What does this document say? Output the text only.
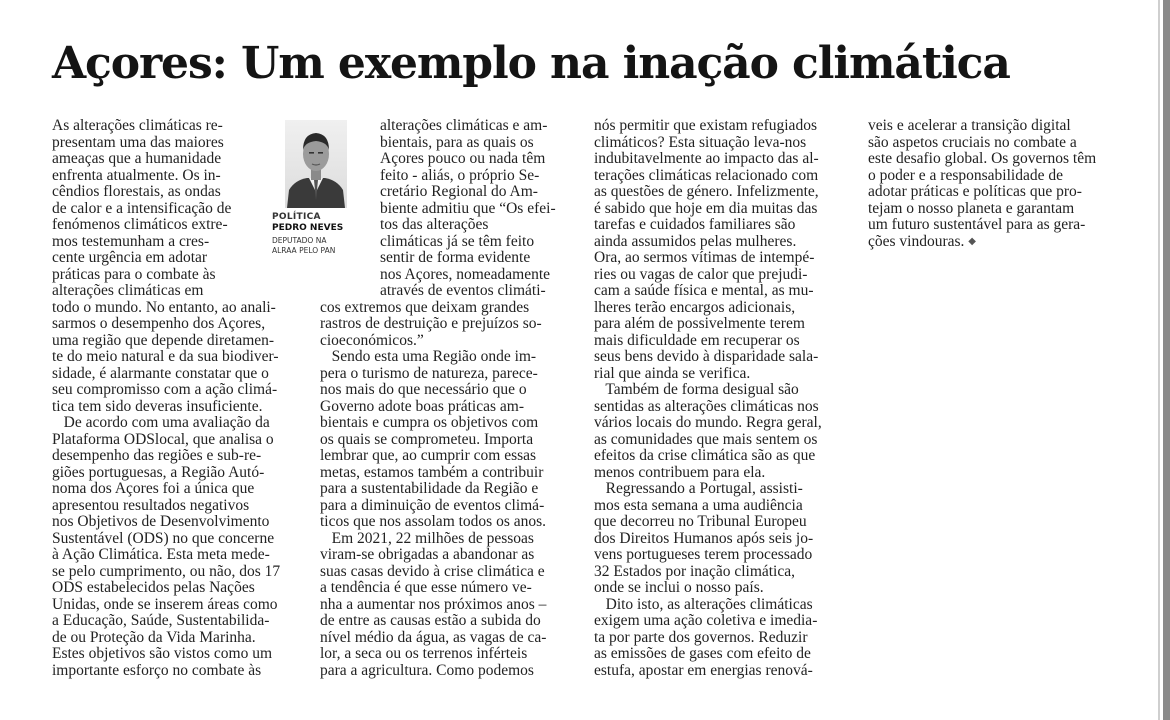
Açores: Um exemplo na inação climática
As alterações climáticas re-
presentam uma das maiores
ameaças que a humanidade
enfrenta atualmente. Os in-
cêndios florestais, as ondas
de calor e a intensificação de
fenómenos climáticos extre-
mos testemunham a cres-
cente urgência em adotar
práticas para o combate às
alterações climáticas em
todo o mundo. No entanto, ao anali-
sarmos o desempenho dos Açores,
uma região que depende diretamen-
te do meio natural e da sua biodiver-
sidade, é alarmante constatar que o
seu compromisso com a ação climá-
tica tem sido deveras insuficiente.
De acordo com uma avaliação da
Plataforma ODSlocal, que analisa o
desempenho das regiões e sub-re-
giões portuguesas, a Região Autó-
noma dos Açores foi a única que
apresentou resultados negativos
nos Objetivos de Desenvolvimento
Sustentável (ODS) no que concerne
à Ação Climática. Esta meta mede-
se pelo cumprimento, ou não, dos 17
ODS estabelecidos pelas Nações
Unidas, onde se inserem áreas como
a Educação, Saúde, Sustentabilida-
de ou Proteção da Vida Marinha.
Estes objetivos são vistos como um
importante esforço no combate às
POLÍTICA
PEDRO NEVES
DEPUTADO NA
ALRAA PELO PAN
alterações climáticas e am-
bientais, para as quais os
Açores pouco ou nada têm
feito - aliás, o próprio Se-
cretário Regional do Am-
biente admitiu que “Os efei-
tos das alterações
climáticas já se têm feito
sentir de forma evidente
nos Açores, nomeadamente
através de eventos climáti-
cos extremos que deixam grandes
rastros de destruição e prejuízos so-
cioeconómicos.”
Sendo esta uma Região onde im-
pera o turismo de natureza, parece-
nos mais do que necessário que o
Governo adote boas práticas am-
bientais e cumpra os objetivos com
os quais se comprometeu. Importa
lembrar que, ao cumprir com essas
metas, estamos também a contribuir
para a sustentabilidade da Região e
para a diminuição de eventos climá-
ticos que nos assolam todos os anos.
Em 2021, 22 milhões de pessoas
viram-se obrigadas a abandonar as
suas casas devido à crise climática e
a tendência é que esse número ve-
nha a aumentar nos próximos anos –
de entre as causas estão a subida do
nível médio da água, as vagas de ca-
lor, a seca ou os terrenos inférteis
para a agricultura. Como podemos
nós permitir que existam refugiados
climáticos? Esta situação leva-nos
indubitavelmente ao impacto das al-
terações climáticas relacionado com
as questões de género. Infelizmente,
é sabido que hoje em dia muitas das
tarefas e cuidados familiares são
ainda assumidos pelas mulheres.
Ora, ao sermos vítimas de intempé-
ries ou vagas de calor que prejudi-
cam a saúde física e mental, as mu-
lheres terão encargos adicionais,
para além de possivelmente terem
mais dificuldade em recuperar os
seus bens devido à disparidade sala-
rial que ainda se verifica.
Também de forma desigual são
sentidas as alterações climáticas nos
vários locais do mundo. Regra geral,
as comunidades que mais sentem os
efeitos da crise climática são as que
menos contribuem para ela.
Regressando a Portugal, assisti-
mos esta semana a uma audiência
que decorreu no Tribunal Europeu
dos Direitos Humanos após seis jo-
vens portugueses terem processado
32 Estados por inação climática,
onde se inclui o nosso país.
Dito isto, as alterações climáticas
exigem uma ação coletiva e imedia-
ta por parte dos governos. Reduzir
as emissões de gases com efeito de
estufa, apostar em energias renová-
veis e acelerar a transição digital
são aspetos cruciais no combate a
este desafio global. Os governos têm
o poder e a responsabilidade de
adotar práticas e políticas que pro-
tejam o nosso planeta e garantam
um futuro sustentável para as gera-
ções vindouras. ◆
